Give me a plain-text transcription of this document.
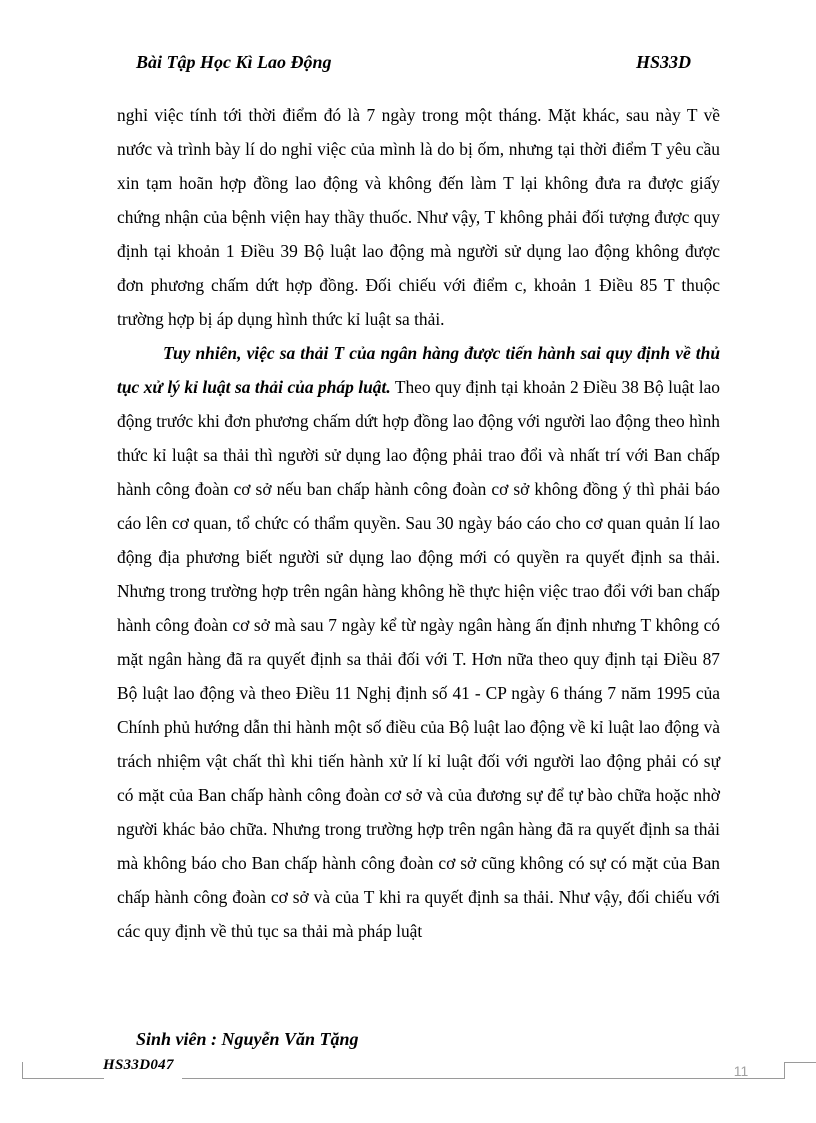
Bài Tập Học Kì Lao Động	HS33D

nghỉ việc tính tới thời điểm đó là 7 ngày trong một tháng. Mặt khác, sau này T về nước và trình bày lí do nghỉ việc của mình là do bị ốm, nhưng tại thời điểm T yêu cầu xin tạm hoãn hợp đồng lao động và không đến làm T lại không đưa ra được giấy chứng nhận của bệnh viện hay thầy thuốc. Như vậy, T không phải đối tượng được quy định tại khoản 1 Điều 39 Bộ luật lao động mà người sử dụng lao động không được đơn phương chấm dứt hợp đồng. Đối chiếu với điểm c, khoản 1 Điều 85 T thuộc trường hợp bị áp dụng hình thức kỉ luật sa thải.

Tuy nhiên, việc sa thải T của ngân hàng được tiến hành sai quy định về thủ tục xử lý kỉ luật sa thải của pháp luật. Theo quy định tại khoản 2 Điều 38 Bộ luật lao động trước khi đơn phương chấm dứt hợp đồng lao động với người lao động theo hình thức kỉ luật sa thải thì người sử dụng lao động phải trao đổi và nhất trí với Ban chấp hành công đoàn cơ sở nếu ban chấp hành công đoàn cơ sở không đồng ý thì phải báo cáo lên cơ quan, tổ chức có thẩm quyền. Sau 30 ngày báo cáo cho cơ quan quản lí lao động địa phương biết người sử dụng lao động mới có quyền ra quyết định sa thải. Nhưng trong trường hợp trên ngân hàng không hề thực hiện việc trao đổi với ban chấp hành công đoàn cơ sở mà sau 7 ngày kể từ ngày ngân hàng ấn định nhưng T không có mặt ngân hàng đã ra quyết định sa thải đối với T. Hơn nữa theo quy định tại Điều 87 Bộ luật lao động và theo Điều 11 Nghị định số 41 - CP ngày 6 tháng 7 năm 1995 của Chính phủ hướng dẫn thi hành một số điều của Bộ luật lao động về kỉ luật lao động và trách nhiệm vật chất thì khi tiến hành xử lí kỉ luật đối với người lao động phải có sự có mặt của Ban chấp hành công đoàn cơ sở và của đương sự để tự bào chữa hoặc nhờ người khác bảo chữa. Nhưng trong trường hợp trên ngân hàng đã ra quyết định sa thải mà không báo cho Ban chấp hành công đoàn cơ sở cũng không có sự có mặt của Ban chấp hành công đoàn cơ sở và của T khi ra quyết định sa thải. Như vậy, đối chiếu với các quy định về thủ tục sa thải mà pháp luật

Sinh viên : Nguyễn Văn Tặng
HS33D047	11
